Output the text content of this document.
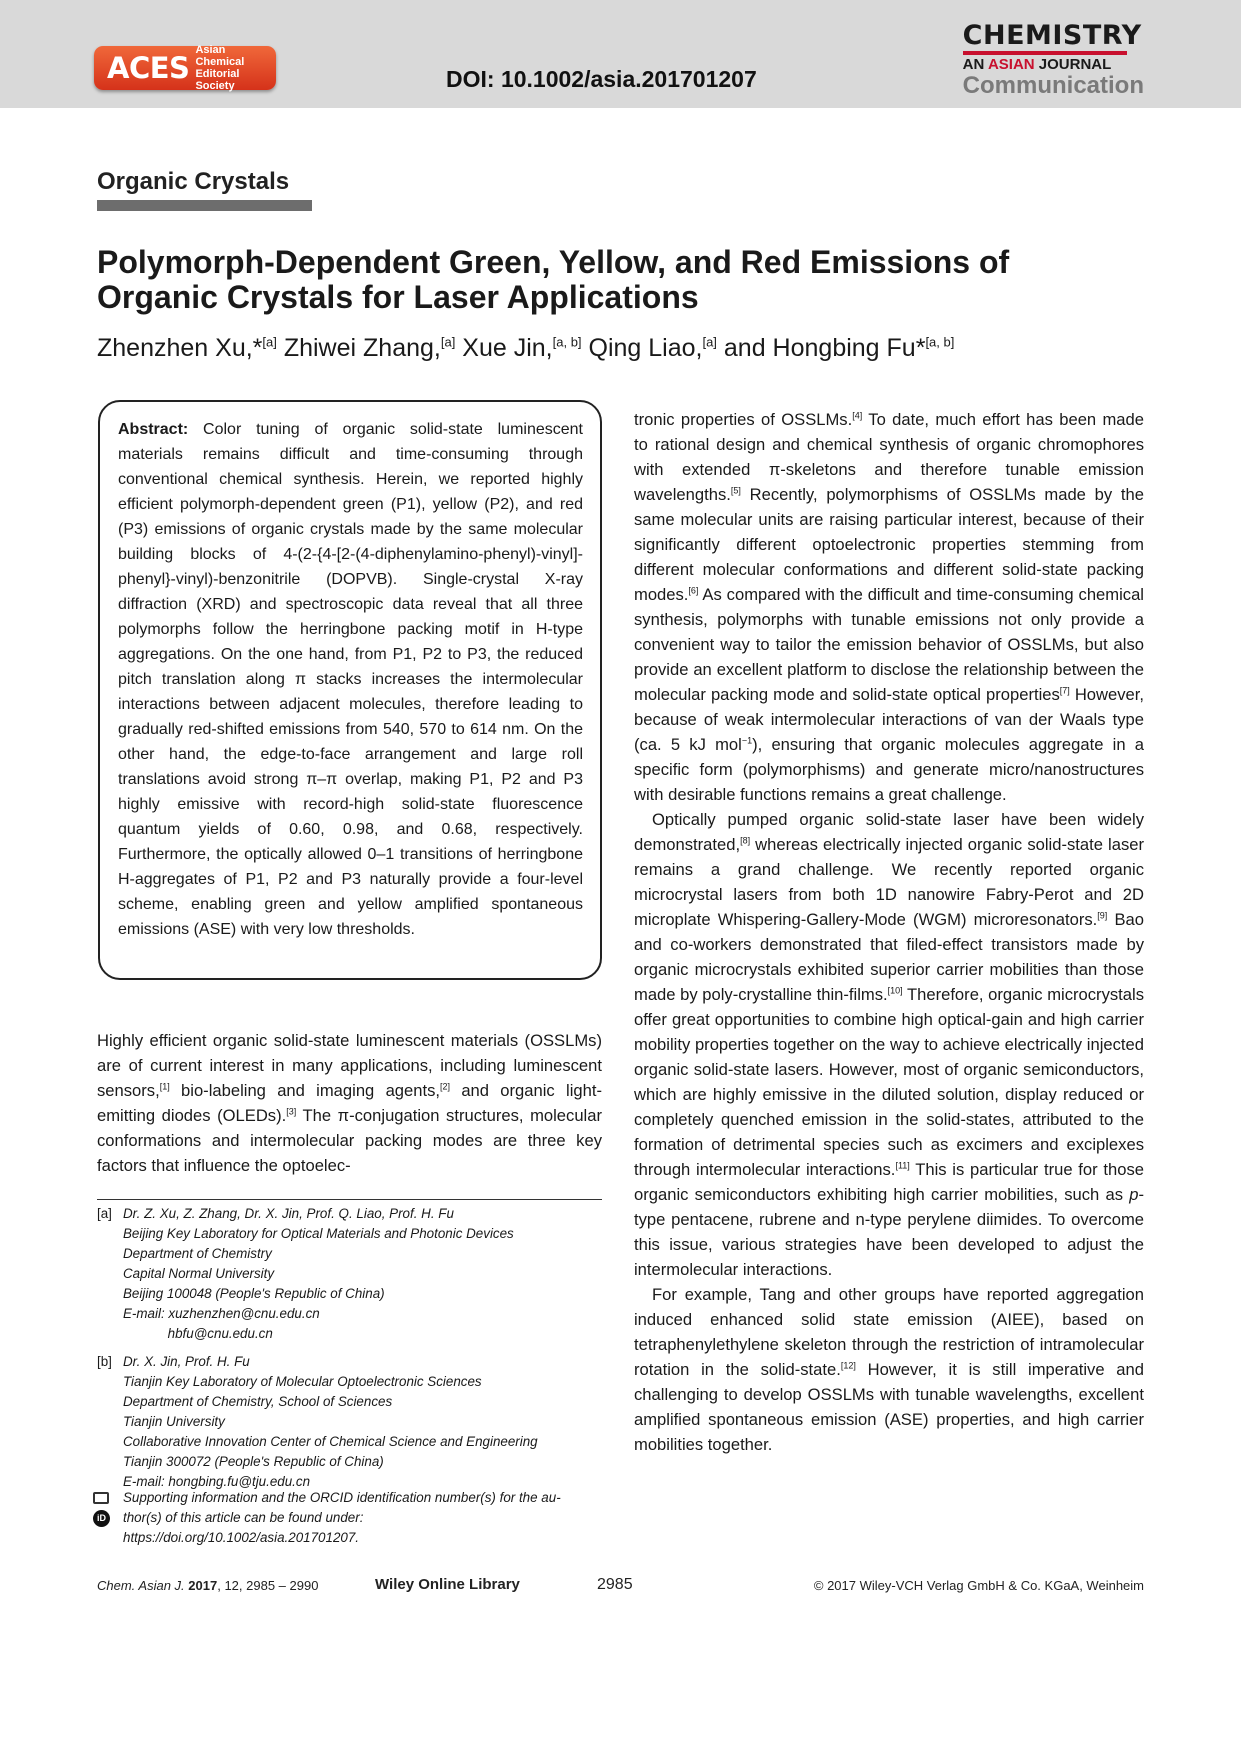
ACES
Asian Chemical
Editorial Society	DOI: 10.1002/asia.201701207
CHEMISTRY
AN ASIAN JOURNAL
Communication
Organic Crystals
Polymorph-Dependent Green, Yellow, and Red Emissions of Organic Crystals for Laser Applications
Zhenzhen Xu,*[a] Zhiwei Zhang,[a] Xue Jin,[a, b] Qing Liao,[a] and Hongbing Fu*[a, b]

Abstract: Color tuning of organic solid-state luminescent materials remains difficult and time-consuming through conventional chemical synthesis. Herein, we reported highly efficient polymorph-dependent green (P1), yellow (P2), and red (P3) emissions of organic crystals made by the same molecular building blocks of 4-(2-{4-[2-(4-diphenylamino-phenyl)-vinyl]-phenyl}-vinyl)-benzonitrile (DOPVB). Single-crystal X-ray diffraction (XRD) and spectroscopic data reveal that all three polymorphs follow the herringbone packing motif in H-type aggregations. On the one hand, from P1, P2 to P3, the reduced pitch translation along π stacks increases the intermolecular interactions between adjacent molecules, therefore leading to gradually red-shifted emissions from 540, 570 to 614 nm. On the other hand, the edge-to-face arrangement and large roll translations avoid strong π–π overlap, making P1, P2 and P3 highly emissive with record-high solid-state fluorescence quantum yields of 0.60, 0.98, and 0.68, respectively. Furthermore, the optically allowed 0–1 transitions of herringbone H-aggregates of P1, P2 and P3 naturally provide a four-level scheme, enabling green and yellow amplified spontaneous emissions (ASE) with very low thresholds.

Highly efficient organic solid-state luminescent materials (OSSLMs) are of current interest in many applications, including luminescent sensors,[1] bio-labeling and imaging agents,[2] and organic light-emitting diodes (OLEDs).[3] The π-conjugation structures, molecular conformations and intermolecular packing modes are three key factors that influence the optoelec-

[a] Dr. Z. Xu, Z. Zhang, Dr. X. Jin, Prof. Q. Liao, Prof. H. Fu
Beijing Key Laboratory for Optical Materials and Photonic Devices
Department of Chemistry
Capital Normal University
Beijing 100048 (People's Republic of China)
E-mail: xuzhenzhen@cnu.edu.cn
hbfu@cnu.edu.cn
[b] Dr. X. Jin, Prof. H. Fu
Tianjin Key Laboratory of Molecular Optoelectronic Sciences
Department of Chemistry, School of Sciences
Tianjin University
Collaborative Innovation Center of Chemical Science and Engineering
Tianjin 300072 (People's Republic of China)
E-mail: hongbing.fu@tju.edu.cn
iD
Supporting information and the ORCID identification number(s) for the au-
thor(s) of this article can be found under:
https://doi.org/10.1002/asia.201701207.

tronic properties of OSSLMs.[4] To date, much effort has been made to rational design and chemical synthesis of organic chromophores with extended π-skeletons and therefore tunable emission wavelengths.[5] Recently, polymorphisms of OSSLMs made by the same molecular units are raising particular interest, because of their significantly different optoelectronic properties stemming from different molecular conformations and different solid-state packing modes.[6] As compared with the difficult and time-consuming chemical synthesis, polymorphs with tunable emissions not only provide a convenient way to tailor the emission behavior of OSSLMs, but also provide an excellent platform to disclose the relationship between the molecular packing mode and solid-state optical properties[7] However, because of weak intermolecular interactions of van der Waals type (ca. 5 kJ mol$^{-1}$), ensuring that organic molecules aggregate in a specific form (polymorphisms) and generate micro/nanostructures with desirable functions remains a great challenge.

Optically pumped organic solid-state laser have been widely demonstrated,[8] whereas electrically injected organic solid-state laser remains a grand challenge. We recently reported organic microcrystal lasers from both 1D nanowire Fabry-Perot and 2D microplate Whispering-Gallery-Mode (WGM) microresonators.[9] Bao and co-workers demonstrated that filed-effect transistors made by organic microcrystals exhibited superior carrier mobilities than those made by poly-crystalline thin-films.[10] Therefore, organic microcrystals offer great opportunities to combine high optical-gain and high carrier mobility properties together on the way to achieve electrically injected organic solid-state lasers. However, most of organic semiconductors, which are highly emissive in the diluted solution, display reduced or completely quenched emission in the solid-states, attributed to the formation of detrimental species such as excimers and exciplexes through intermolecular interactions.[11] This is particular true for those organic semiconductors exhibiting high carrier mobilities, such as p-type pentacene, rubrene and n-type perylene diimides. To overcome this issue, various strategies have been developed to adjust the intermolecular interactions.

For example, Tang and other groups have reported aggregation induced enhanced solid state emission (AIEE), based on tetraphenylethylene skeleton through the restriction of intramolecular rotation in the solid-state.[12] However, it is still imperative and challenging to develop OSSLMs with tunable wavelengths, excellent amplified spontaneous emission (ASE) properties, and high carrier mobilities together.

Chem. Asian J. 2017, 12, 2985 – 2990	Wiley Online Library	2985	© 2017 Wiley-VCH Verlag GmbH & Co. KGaA, Weinheim
